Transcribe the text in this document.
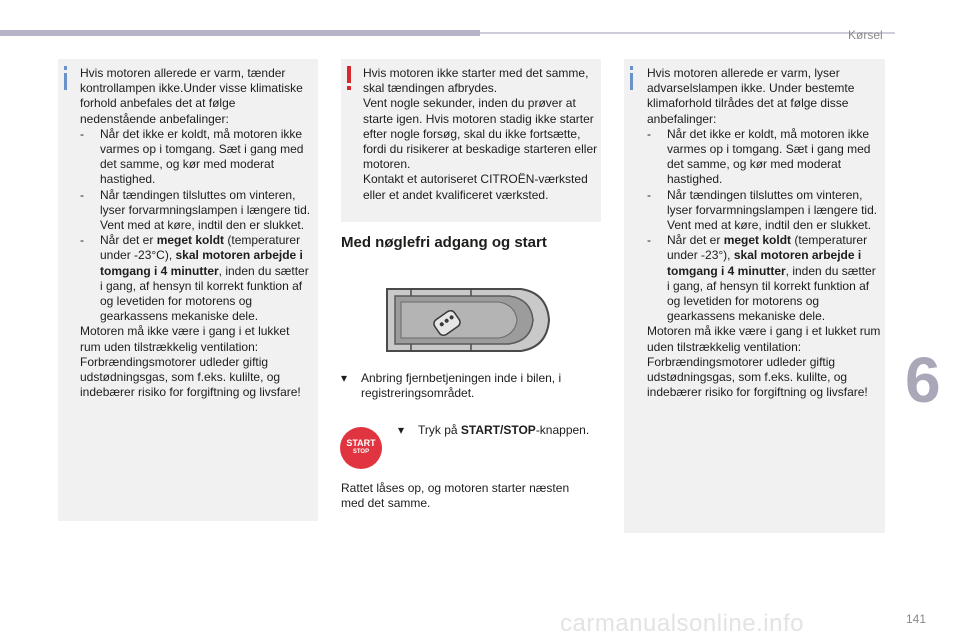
Kørsel

Hvis motoren allerede er varm, tænder kontrollampen ikke.Under visse klimatiske forhold anbefales det at følge nedenstående anbefalinger:

-	Når det ikke er koldt, må motoren ikke varmes op i tomgang. Sæt i gang med det samme, og kør med moderat hastighed.
-	Når tændingen tilsluttes om vinteren, lyser forvarmningslampen i længere tid. Vent med at køre, indtil den er slukket.
-	Når det er meget koldt (temperaturer under -23°C), skal motoren arbejde i tomgang i 4 minutter, inden du sætter i gang, af hensyn til korrekt funktion af og levetiden for motorens og gearkassens mekaniske dele.

Motoren må ikke være i gang i et lukket rum uden tilstrækkelig ventilation: Forbrændingsmotorer udleder giftig udstødningsgas, som f.eks. kulilte, og indebærer risiko for forgiftning og livsfare!

Hvis motoren ikke starter med det samme, skal tændingen afbrydes.

Vent nogle sekunder, inden du prøver at starte igen. Hvis motoren stadig ikke starter efter nogle forsøg, skal du ikke fortsætte, fordi du risikerer at beskadige starteren eller motoren.

Kontakt et autoriseret CITROËN-værksted eller et andet kvalificeret værksted.

Med nøglefri adgang og start
▾	Anbring fjernbetjeningen inde i bilen, i registreringsområdet.
START
STOP
▾	Tryk på START/STOP-knappen.
Rattet låses op, og motoren starter næsten med det samme.

Hvis motoren allerede er varm, lyser advarselslampen ikke. Under bestemte klimaforhold tilrådes det at følge disse anbefalinger:

-	Når det ikke er koldt, må motoren ikke varmes op i tomgang. Sæt i gang med det samme, og kør med moderat hastighed.
-	Når tændingen tilsluttes om vinteren, lyser forvarmningslampen i længere tid. Vent med at køre, indtil den er slukket.
-	Når det er meget koldt (temperaturer under -23°), skal motoren arbejde i tomgang i 4 minutter, inden du sætter i gang, af hensyn til korrekt funktion af og levetiden for motorens og gearkassens mekaniske dele.

Motoren må ikke være i gang i et lukket rum uden tilstrækkelig ventilation: Forbrændingsmotorer udleder giftig udstødningsgas, som f.eks. kulilte, og indebærer risiko for forgiftning og livsfare! 6
carmanualsonline.info	141
